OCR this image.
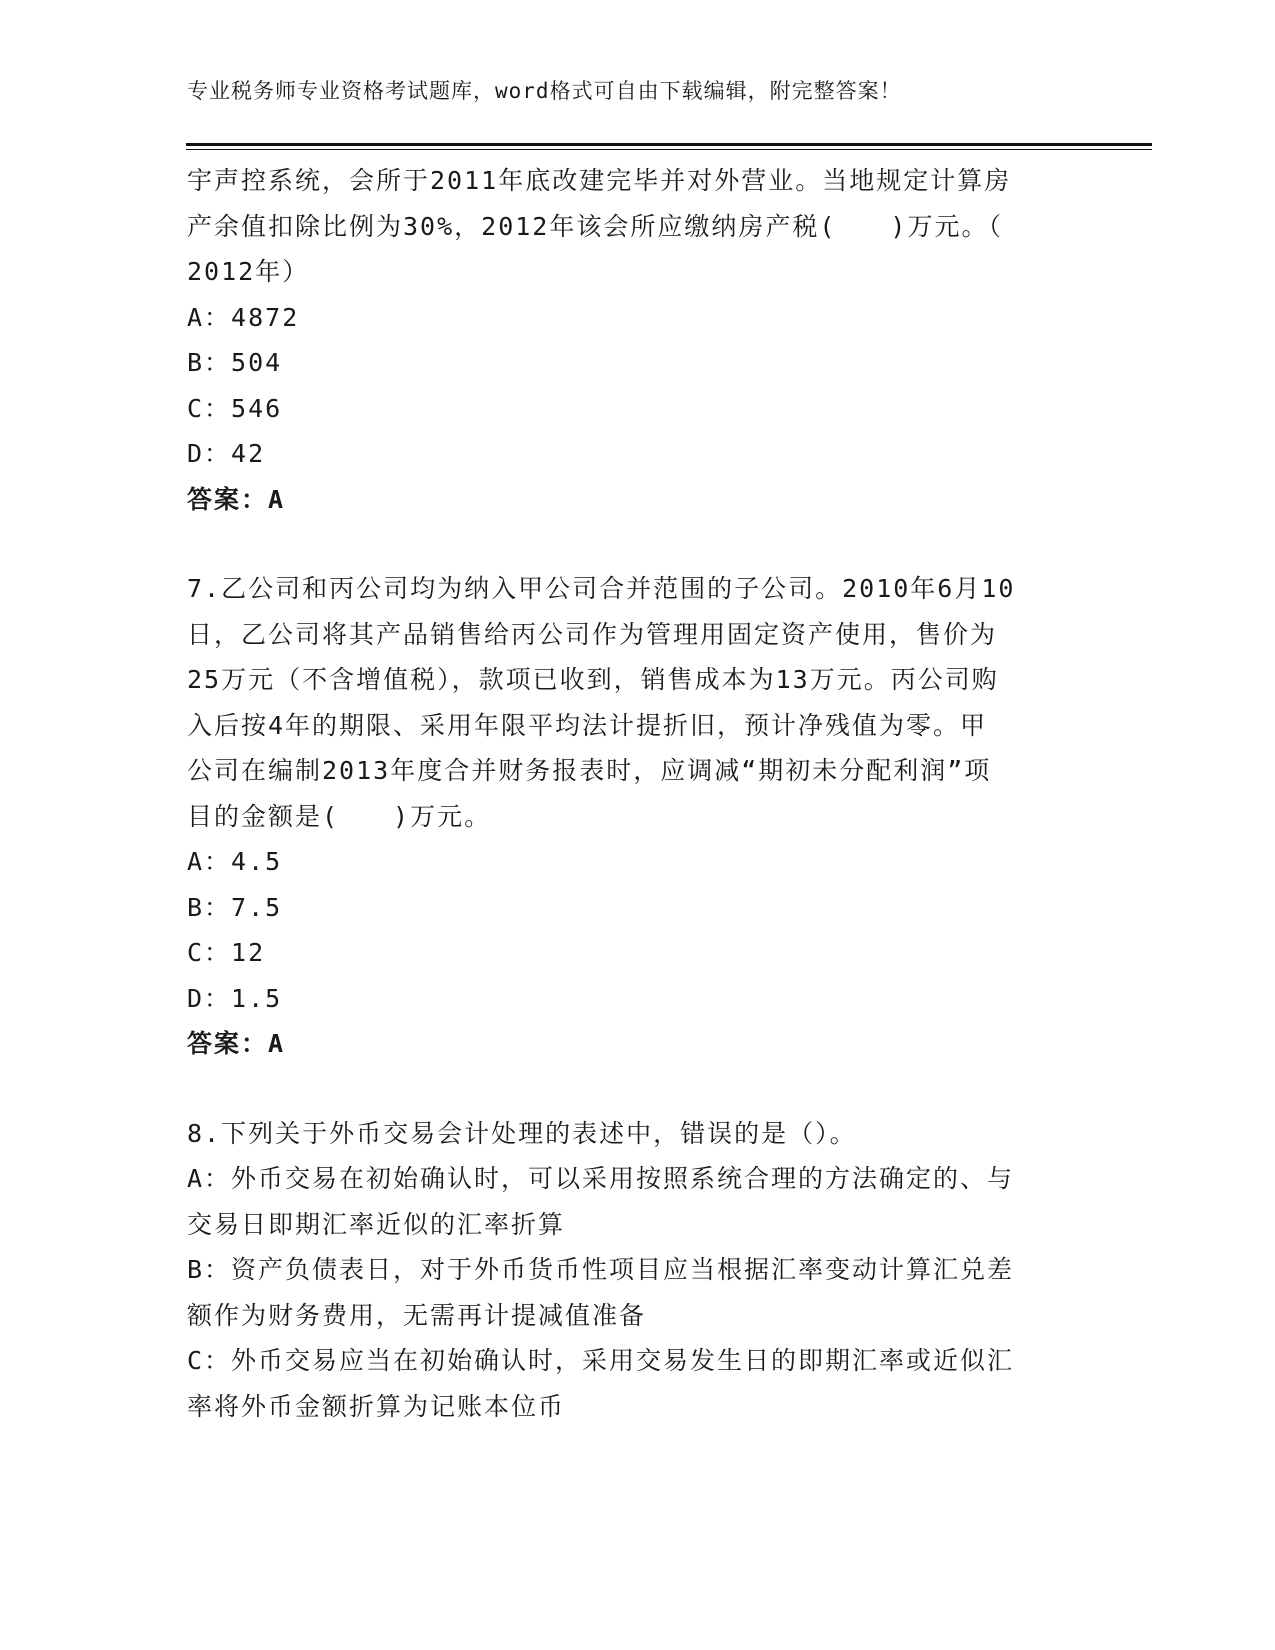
专业税务师专业资格考试题库，word格式可自由下载编辑，附完整答案！
宇声控系统，会所于2011年底改建完毕并对外营业。当地规定计算房
产余值扣除比例为30%，2012年该会所应缴纳房产税(　　)万元。（
2012年）
A：4872
B：504
C：546
D：42
答案：A
7.乙公司和丙公司均为纳入甲公司合并范围的子公司。2010年6月10
日，乙公司将其产品销售给丙公司作为管理用固定资产使用，售价为
25万元（不含增值税），款项已收到，销售成本为13万元。丙公司购
入后按4年的期限、采用年限平均法计提折旧，预计净残值为零。甲
公司在编制2013年度合并财务报表时，应调减“期初未分配利润”项
目的金额是(　　)万元。
A：4.5
B：7.5
C：12
D：1.5
答案：A
8.下列关于外币交易会计处理的表述中，错误的是（）。
A：外币交易在初始确认时，可以采用按照系统合理的方法确定的、与
交易日即期汇率近似的汇率折算
B：资产负债表日，对于外币货币性项目应当根据汇率变动计算汇兑差
额作为财务费用，无需再计提减值准备
C：外币交易应当在初始确认时，采用交易发生日的即期汇率或近似汇
率将外币金额折算为记账本位币
